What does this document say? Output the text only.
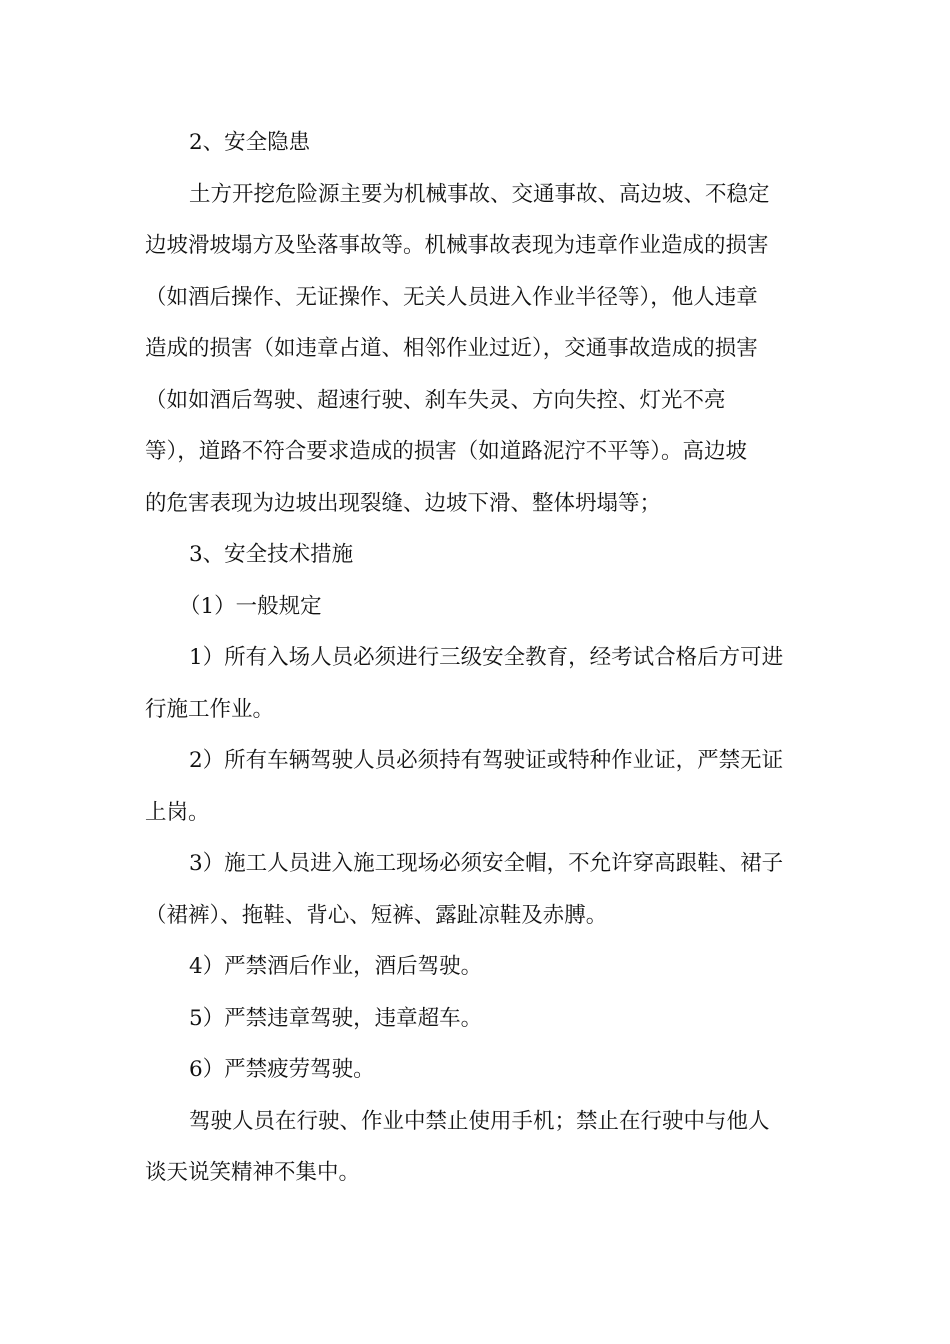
2、安全隐患

土方开挖危险源主要为机械事故、交通事故、高边坡、不稳定
边坡滑坡塌方及坠落事故等。机械事故表现为违章作业造成的损害
（如酒后操作、无证操作、无关人员进入作业半径等），他人违章
造成的损害（如违章占道、相邻作业过近），交通事故造成的损害
（如如酒后驾驶、超速行驶、刹车失灵、方向失控、灯光不亮
等），道路不符合要求造成的损害（如道路泥泞不平等）。高边坡
的危害表现为边坡出现裂缝、边坡下滑、整体坍塌等；

3、安全技术措施

（1）一般规定

1）所有入场人员必须进行三级安全教育，经考试合格后方可进
行施工作业。

2）所有车辆驾驶人员必须持有驾驶证或特种作业证，严禁无证
上岗。

3）施工人员进入施工现场必须安全帽，不允许穿高跟鞋、裙子
（裙裤）、拖鞋、背心、短裤、露趾凉鞋及赤膊。

4）严禁酒后作业，酒后驾驶。

5）严禁违章驾驶，违章超车。

6）严禁疲劳驾驶。

驾驶人员在行驶、作业中禁止使用手机；禁止在行驶中与他人
谈天说笑精神不集中。
